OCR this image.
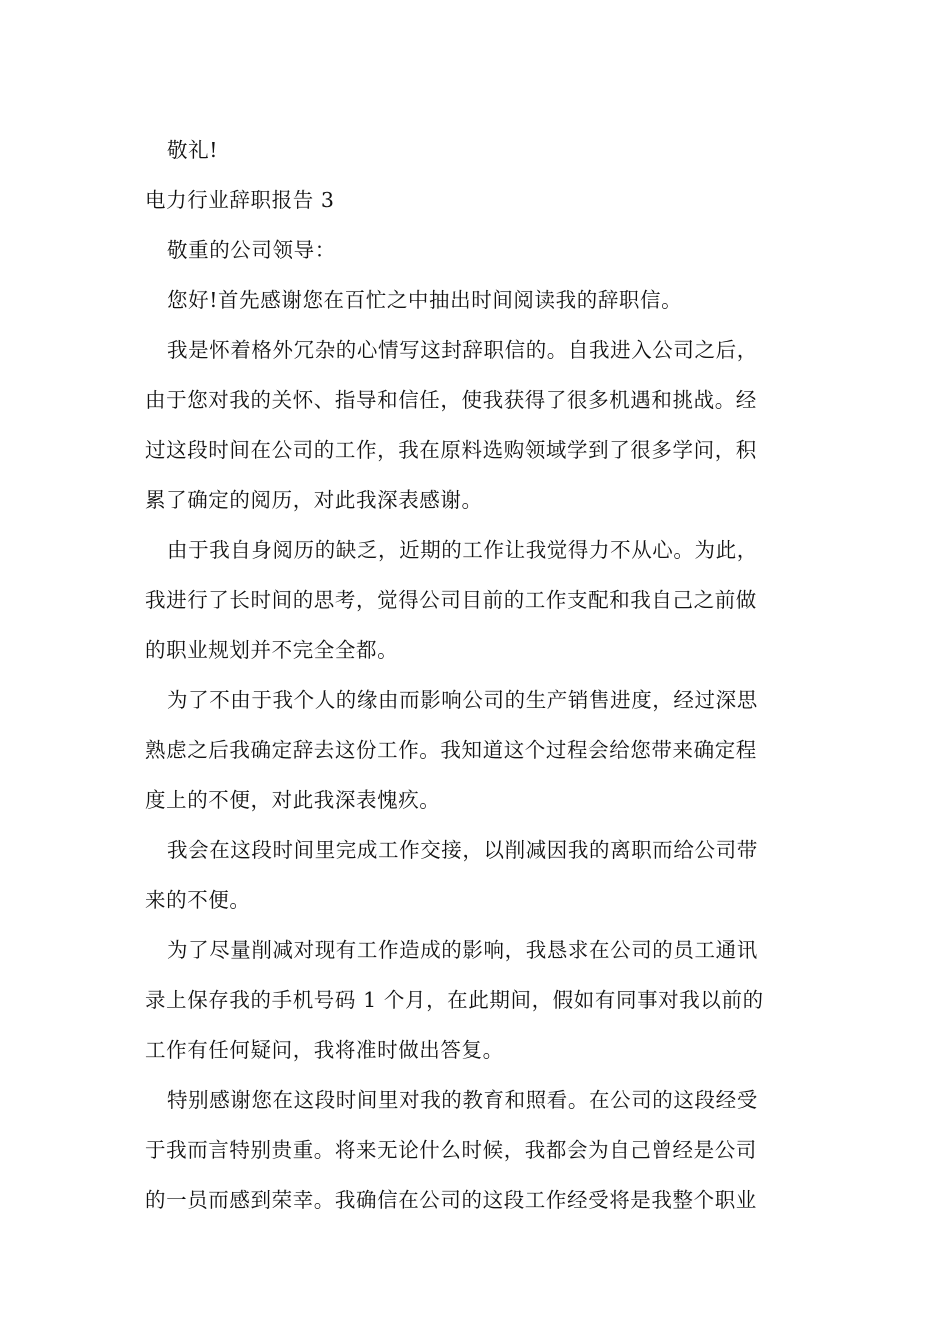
敬礼!
电力行业辞职报告 3
敬重的公司领导：
您好!首先感谢您在百忙之中抽出时间阅读我的辞职信。
我是怀着格外冗杂的心情写这封辞职信的。自我进入公司之后，
由于您对我的关怀、指导和信任，使我获得了很多机遇和挑战。经
过这段时间在公司的工作，我在原料选购领域学到了很多学问，积
累了确定的阅历，对此我深表感谢。
由于我自身阅历的缺乏，近期的工作让我觉得力不从心。为此，
我进行了长时间的思考，觉得公司目前的工作支配和我自己之前做
的职业规划并不完全全都。
为了不由于我个人的缘由而影响公司的生产销售进度，经过深思
熟虑之后我确定辞去这份工作。我知道这个过程会给您带来确定程
度上的不便，对此我深表愧疚。
我会在这段时间里完成工作交接，以削减因我的离职而给公司带
来的不便。
为了尽量削减对现有工作造成的影响，我恳求在公司的员工通讯
录上保存我的手机号码 1 个月，在此期间，假如有同事对我以前的
工作有任何疑问，我将准时做出答复。
特别感谢您在这段时间里对我的教育和照看。在公司的这段经受
于我而言特别贵重。将来无论什么时候，我都会为自己曾经是公司
的一员而感到荣幸。我确信在公司的这段工作经受将是我整个职业
